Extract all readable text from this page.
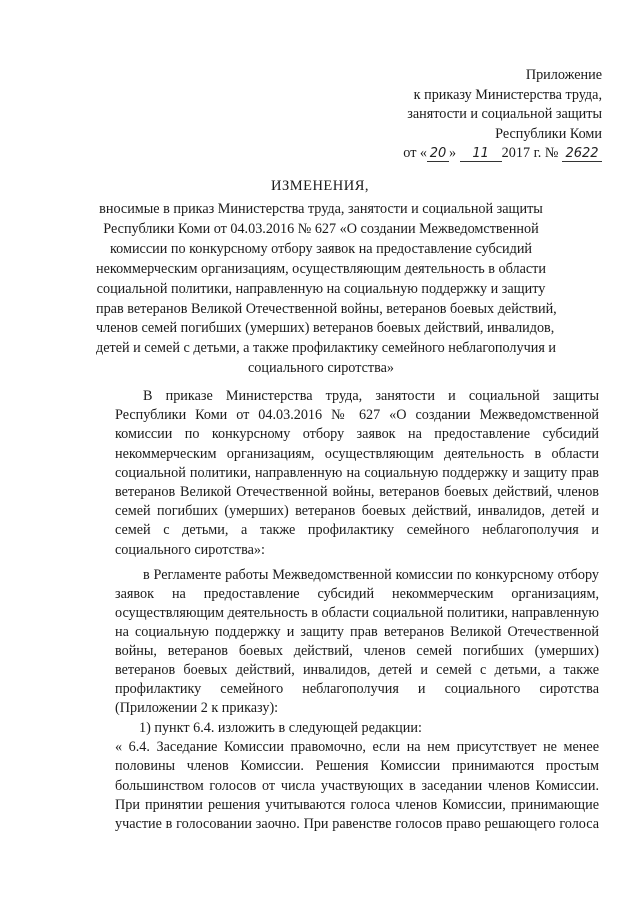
Приложение
к приказу Министерства труда,
занятости и социальной защиты
Республики Коми
от « 20 » 11 2017 г. № 2622
ИЗМЕНЕНИЯ,
вносимые в приказ Министерства труда, занятости и социальной защиты
Республики Коми от 04.03.2016 № 627 «О создании Межведомственной
комиссии по конкурсному отбору заявок на предоставление субсидий
некоммерческим организациям, осуществляющим деятельность в области
социальной политики, направленную на социальную поддержку и защиту
прав ветеранов Великой Отечественной войны, ветеранов боевых действий,
членов семей погибших (умерших) ветеранов боевых действий, инвалидов,
детей и семей с детьми, а также профилактику семейного неблагополучия и
социального сиротства»

В приказе Министерства труда, занятости и социальной защиты
Республики Коми от 04.03.2016 № 627 «О создании Межведомственной
комиссии по конкурсному отбору заявок на предоставление субсидий
некоммерческим организациям, осуществляющим деятельность в области
социальной политики, направленную на социальную поддержку и защиту прав
ветеранов Великой Отечественной войны, ветеранов боевых действий, членов
семей погибших (умерших) ветеранов боевых действий, инвалидов, детей и
семей с детьми, а также профилактику семейного неблагополучия и
социального сиротства»:

в Регламенте работы Межведомственной комиссии по конкурсному отбору
заявок на предоставление субсидий некоммерческим организациям,
осуществляющим деятельность в области социальной политики, направленную
на социальную поддержку и защиту прав ветеранов Великой Отечественной
войны, ветеранов боевых действий, членов семей погибших (умерших)
ветеранов боевых действий, инвалидов, детей и семей с детьми, а также
профилактику семейного неблагополучия и социального сиротства
(Приложении 2 к приказу):

1) пункт 6.4. изложить в следующей редакции:

« 6.4. Заседание Комиссии правомочно, если на нем присутствует не менее
половины членов Комиссии. Решения Комиссии принимаются простым
большинством голосов от числа участвующих в заседании членов Комиссии.
При принятии решения учитываются голоса членов Комиссии, принимающие
участие в голосовании заочно. При равенстве голосов право решающего голоса
